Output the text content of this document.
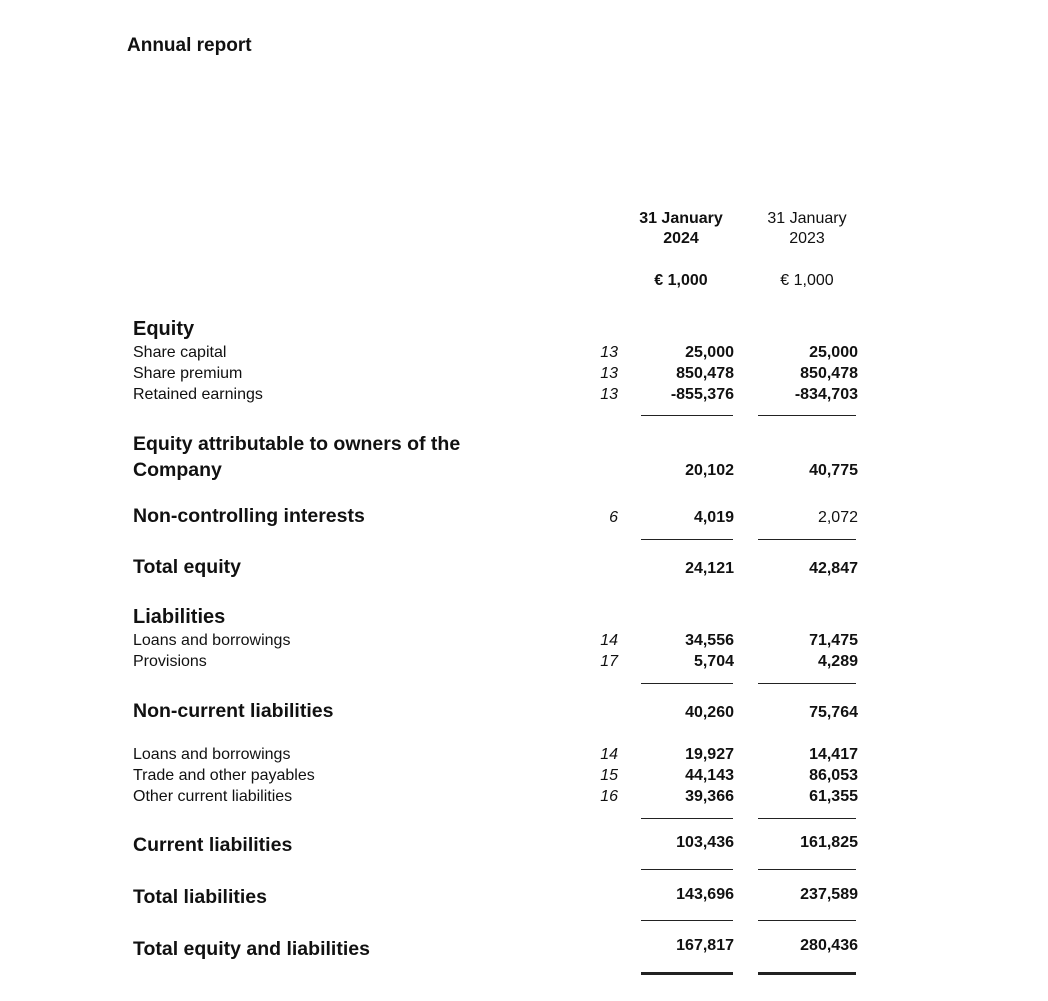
Annual report
31 January
2024
31 January
2023
€ 1,000	€ 1,000
Equity
Share capital	13	25,000	25,000
Share premium	13	850,478	850,478
Retained earnings	13	-855,376	-834,703
Equity attributable to owners of the
Company	20,102	40,775
Non-controlling interests	6	4,019	2,072
Total equity	24,121	42,847
Liabilities
Loans and borrowings	14	34,556	71,475
Provisions	17	5,704	4,289
Non-current liabilities	40,260	75,764
Loans and borrowings	14	19,927	14,417
Trade and other payables	15	44,143	86,053
Other current liabilities	16	39,366	61,355
Current liabilities	103,436	161,825
Total liabilities	143,696	237,589
Total equity and liabilities	167,817	280,436
